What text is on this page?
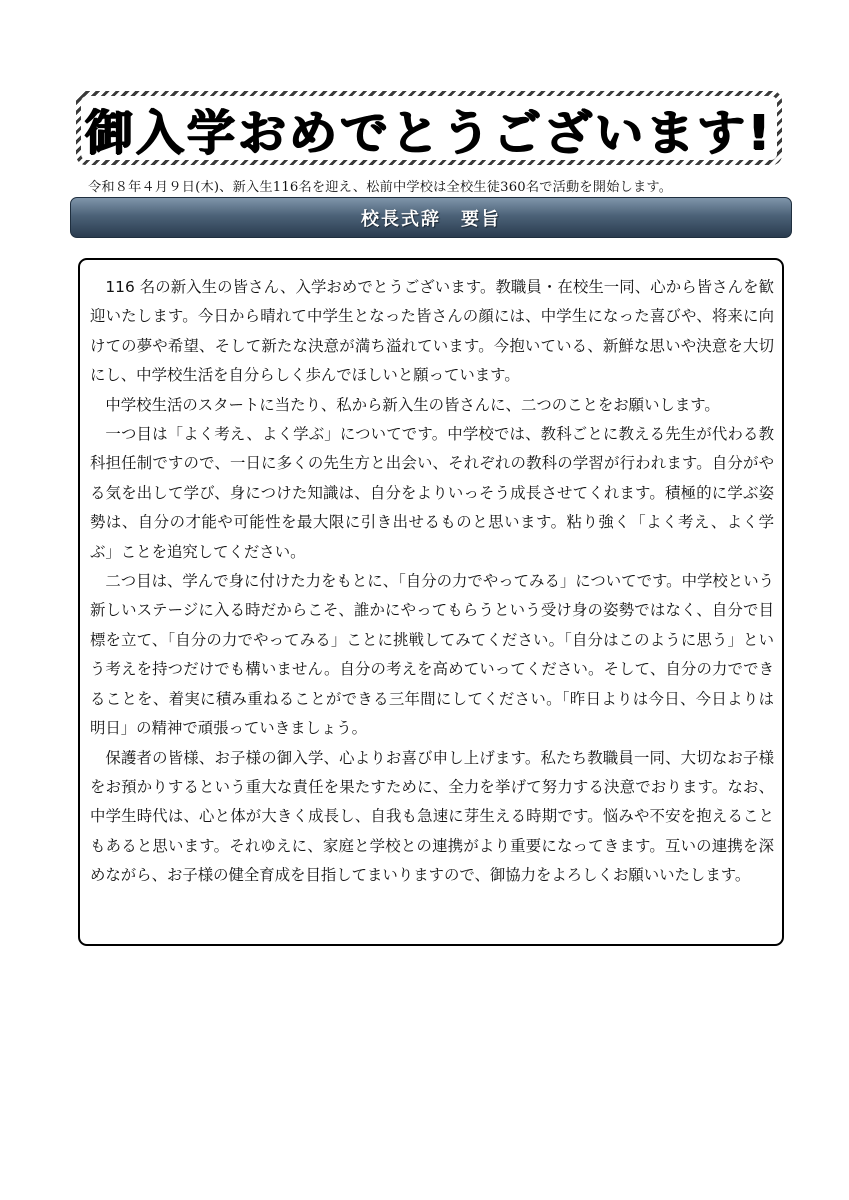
御入学おめでとうございます!
令和８年４月９日(木)、新入生116名を迎え、松前中学校は全校生徒360名で活動を開始します。
校長式辞　要旨

116 名の新入生の皆さん、入学おめでとうございます。教職員・在校生一同、心から皆さんを歓迎いたします。今日から晴れて中学生となった皆さんの顔には、中学生になった喜びや、将来に向けての夢や希望、そして新たな決意が満ち溢れています。今抱いている、新鮮な思いや決意を大切にし、中学校生活を自分らしく歩んでほしいと願っています。

中学校生活のスタートに当たり、私から新入生の皆さんに、二つのことをお願いします。

一つ目は「よく考え、よく学ぶ」についてです。中学校では、教科ごとに教える先生が代わる教科担任制ですので、一日に多くの先生方と出会い、それぞれの教科の学習が行われます。自分がやる気を出して学び、身につけた知識は、自分をよりいっそう成長させてくれます。積極的に学ぶ姿勢は、自分の才能や可能性を最大限に引き出せるものと思います。粘り強く「よく考え、よく学ぶ」ことを追究してください。

二つ目は、学んで身に付けた力をもとに、「自分の力でやってみる」についてです。中学校という新しいステージに入る時だからこそ、誰かにやってもらうという受け身の姿勢ではなく、自分で目標を立て、「自分の力でやってみる」ことに挑戦してみてください。「自分はこのように思う」という考えを持つだけでも構いません。自分の考えを高めていってください。そして、自分の力でできることを、着実に積み重ねることができる三年間にしてください。「昨日よりは今日、今日よりは明日」の精神で頑張っていきましょう。

保護者の皆様、お子様の御入学、心よりお喜び申し上げます。私たち教職員一同、大切なお子様をお預かりするという重大な責任を果たすために、全力を挙げて努力する決意でおります。なお、中学生時代は、心と体が大きく成長し、自我も急速に芽生える時期です。悩みや不安を抱えることもあると思います。それゆえに、家庭と学校との連携がより重要になってきます。互いの連携を深めながら、お子様の健全育成を目指してまいりますので、御協力をよろしくお願いいたします。
